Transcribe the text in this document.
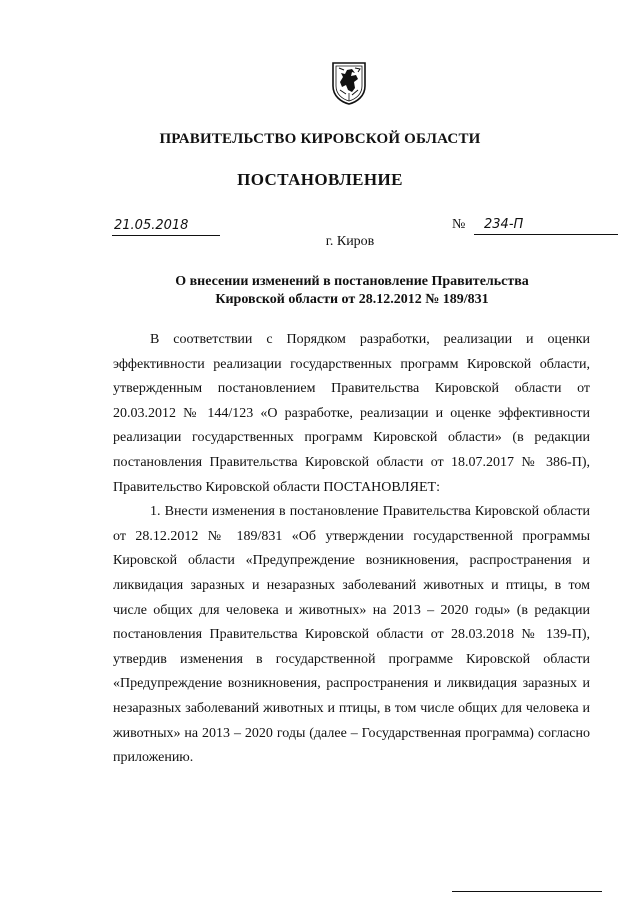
ПРАВИТЕЛЬСТВО КИРОВСКОЙ ОБЛАСТИ
ПОСТАНОВЛЕНИЕ
21.05.2018	№	234-П
г. Киров
О внесении изменений в постановление Правительства
Кировской области от 28.12.2012 № 189/831

В соответствии с Порядком разработки, реализации и оценки эффективности реализации государственных программ Кировской области, утвержденным постановлением Правительства Кировской области от 20.03.2012 № 144/123 «О разработке, реализации и оценке эффективности реализации государственных программ Кировской области» (в редакции постановления Правительства Кировской области от 18.07.2017 № 386-П), Правительство Кировской области ПОСТАНОВЛЯЕТ:

1. Внести изменения в постановление Правительства Кировской области от 28.12.2012 № 189/831 «Об утверждении государственной программы Кировской области «Предупреждение возникновения, распространения и ликвидация заразных и незаразных заболеваний животных и птицы, в том числе общих для человека и животных» на 2013 – 2020 годы» (в редакции постановления Правительства Кировской области от 28.03.2018 № 139-П), утвердив изменения в государственной программе Кировской области «Предупреждение возникновения, распространения и ликвидация заразных и незаразных заболеваний животных и птицы, в том числе общих для человека и животных» на 2013 – 2020 годы (далее – Государственная программа) согласно приложению.
